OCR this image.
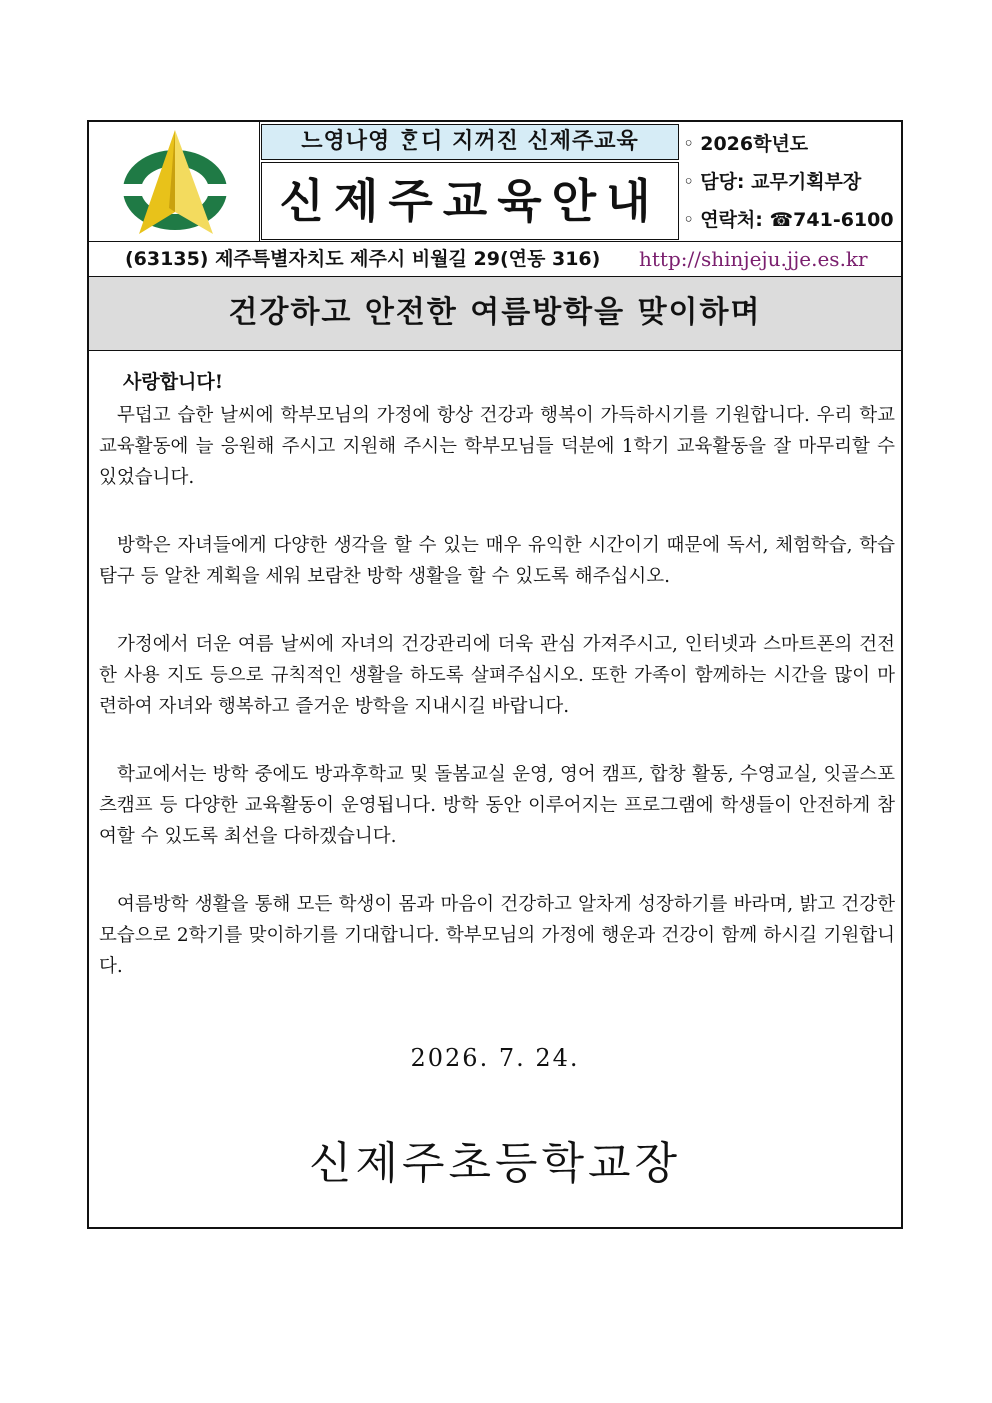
느영나영 ᄒᆞᆫ디 지꺼진 신제주교육
신제주교육안내
◦ 2026학년도
◦ 담당: 교무기획부장
◦ 연락처: ☎741-6100
(63135) 제주특별자치도 제주시 비월길 29(연동 316) http://shinjeju.jje.es.kr
건강하고 안전한 여름방학을 맞이하며
사랑합니다!

무덥고 습한 날씨에 학부모님의 가정에 항상 건강과 행복이 가득하시기를 기원합니다. 우리 학교 교육활동에 늘 응원해 주시고 지원해 주시는 학부모님들 덕분에 1학기 교육활동을 잘 마무리할 수 있었습니다.

방학은 자녀들에게 다양한 생각을 할 수 있는 매우 유익한 시간이기 때문에 독서, 체험학습, 학습 탐구 등 알찬 계획을 세워 보람찬 방학 생활을 할 수 있도록 해주십시오.

가정에서 더운 여름 날씨에 자녀의 건강관리에 더욱 관심 가져주시고, 인터넷과 스마트폰의 건전한 사용 지도 등으로 규칙적인 생활을 하도록 살펴주십시오. 또한 가족이 함께하는 시간을 많이 마련하여 자녀와 행복하고 즐거운 방학을 지내시길 바랍니다.

학교에서는 방학 중에도 방과후학교 및 돌봄교실 운영, 영어 캠프, 합창 활동, 수영교실, 잇골스포츠캠프 등 다양한 교육활동이 운영됩니다. 방학 동안 이루어지는 프로그램에 학생들이 안전하게 참여할 수 있도록 최선을 다하겠습니다.

여름방학 생활을 통해 모든 학생이 몸과 마음이 건강하고 알차게 성장하기를 바라며, 밝고 건강한 모습으로 2학기를 맞이하기를 기대합니다. 학부모님의 가정에 행운과 건강이 함께 하시길 기원합니다.

2026. 7. 24.
신제주초등학교장
